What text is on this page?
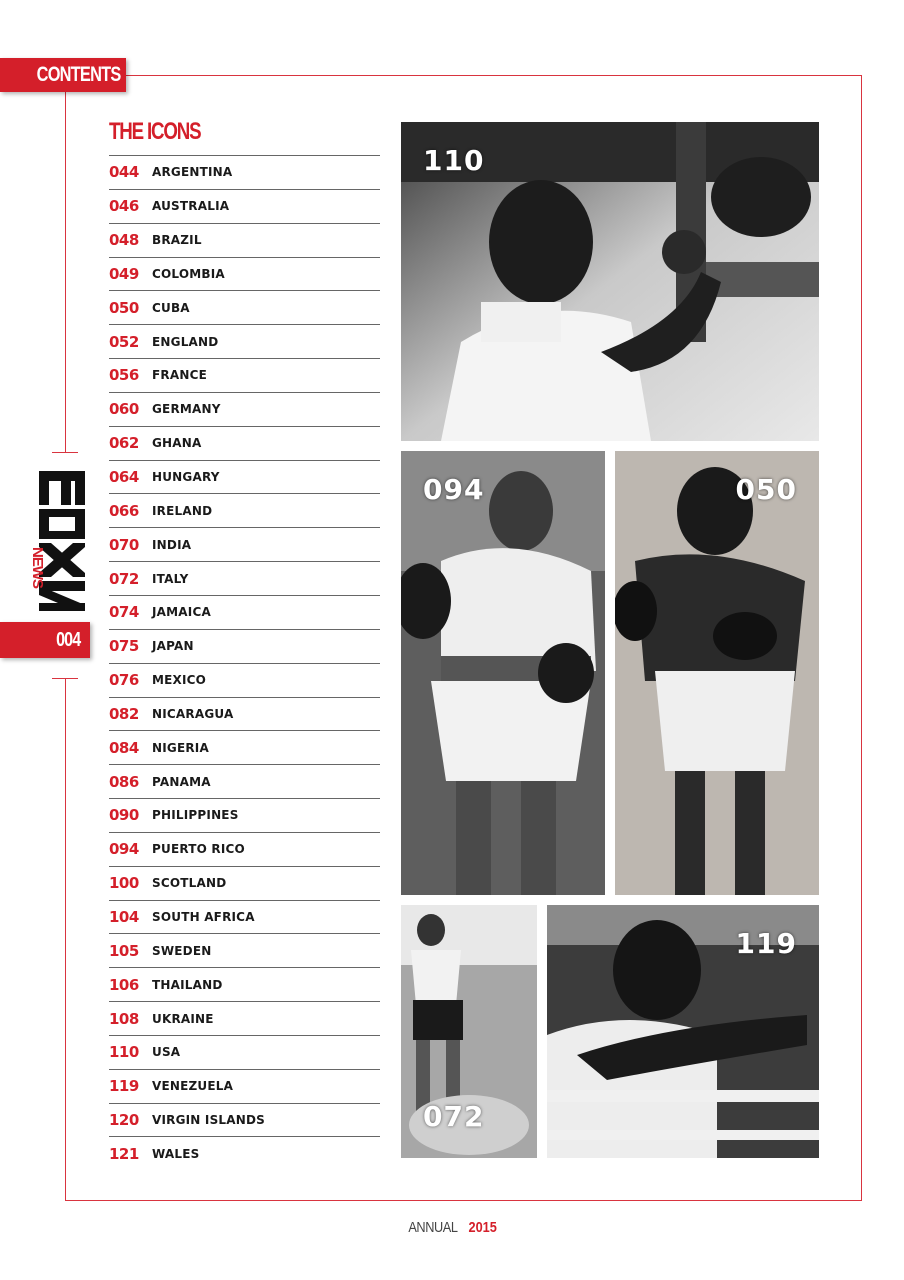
CONTENTS
NEWS
004
THE ICONS
044	ARGENTINA
046	AUSTRALIA
048	BRAZIL
049	COLOMBIA
050	CUBA
052	ENGLAND
056	FRANCE
060	GERMANY
062	GHANA
064	HUNGARY
066	IRELAND
070	INDIA
072	ITALY
074	JAMAICA
075	JAPAN
076	MEXICO
082	NICARAGUA
084	NIGERIA
086	PANAMA
090	PHILIPPINES
094	PUERTO RICO
100	SCOTLAND
104	SOUTH AFRICA
105	SWEDEN
106	THAILAND
108	UKRAINE
110	USA
119	VENEZUELA
120	VIRGIN ISLANDS
121	WALES
110
094	050
072
119
ANNUAL 2015
